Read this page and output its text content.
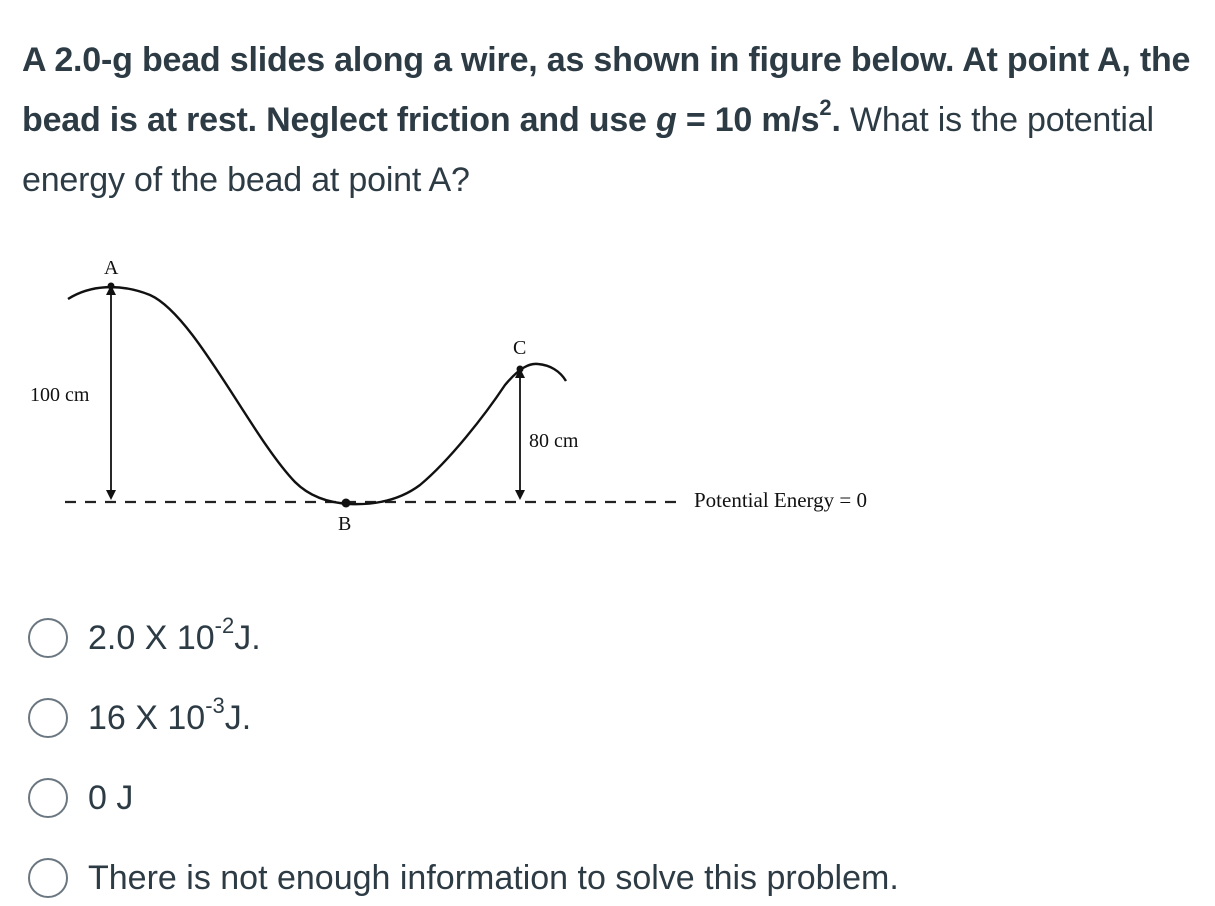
A 2.0-g bead slides along a wire, as shown in figure below. At point A, the bead is at rest. Neglect friction and use g = 10 $m/s^2$. What is the potential energy of the bead at point A?
A
C
B
100 cm
80 cm
Potential Energy = 0
2.0 X $10^{-2}J$.
16 X $10^{-3}J$.
0 J
There is not enough information to solve this problem.
